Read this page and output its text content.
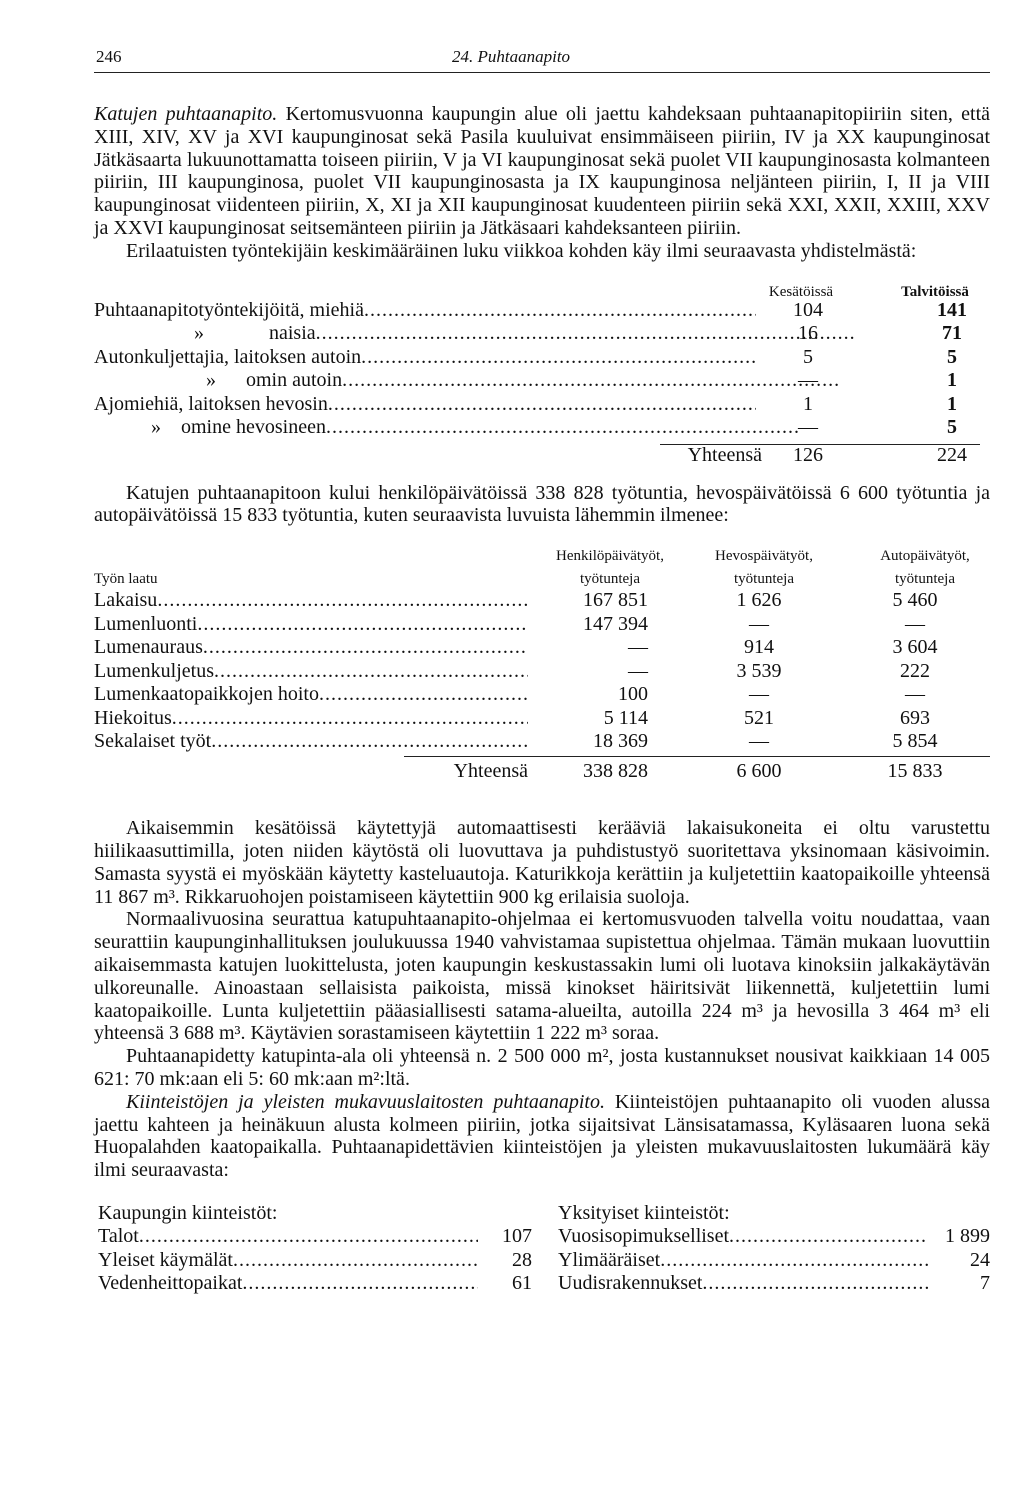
246	24. Puhtaanapito

Katujen puhtaanapito. Kertomusvuonna kaupungin alue oli jaettu kahdeksaan puhtaanapitopiiriin siten, että XIII, XIV, XV ja XVI kaupunginosat sekä Pasila kuuluivat ensimmäiseen piiriin, IV ja XX kaupunginosat Jätkäsaarta lukuunottamatta toiseen piiriin, V ja VI kaupunginosat sekä puolet VII kaupunginosasta kolmanteen piiriin, III kaupunginosa, puolet VII kaupunginosasta ja IX kaupunginosa neljänteen piiriin, I, II ja VIII kaupunginosat viidenteen piiriin, X, XI ja XII kaupunginosat kuudenteen piiriin sekä XXI, XXII, XXIII, XXV ja XXVI kaupunginosat seitsemänteen piiriin ja Jätkäsaari kahdeksanteen piiriin.

Erilaatuisten työntekijäin keskimääräinen luku viikkoa kohden käy ilmi seuraavasta yhdistelmästä:

Kesätöissä	Talvitöissä
Puhtaanapitotyöntekijöitä, miehiä .....	104	141
»             naisia .....	16	71
Autonkuljettajia, laitoksen autoin .....	5	5
»      omin autoin .....	—	1
Ajomiehiä, laitoksen hevosin .....	1	1
»    omine hevosineen .....	—	5
Yhteensä	126	224

Katujen puhtaanapitoon kului henkilöpäivätöissä 338 828 työtuntia, hevospäivätöissä 6 600 työtuntia ja autopäivätöissä 15 833 työtuntia, kuten seuraavista luvuista lähemmin ilmenee:

Työn laatu
Henkilöpäivätyöt,
työtunteja
Hevospäivätyöt,
työtunteja
Autopäivätyöt,
työtunteja
Lakaisu .....	167 851	1 626	5 460
Lumenluonti .....	147 394	—	—
Lumenauraus .....	—	914	3 604
Lumenkuljetus .....	—	3 539	222
Lumenkaatopaikkojen hoito .....	100	—	—
Hiekoitus .....	5 114	521	693
Sekalaiset työt .....	18 369	—	5 854
Yhteensä	338 828	6 600	15 833

Aikaisemmin kesätöissä käytettyjä automaattisesti kerääviä lakaisukoneita ei oltu varustettu hiilikaasuttimilla, joten niiden käytöstä oli luovuttava ja puhdistustyö suoritettava yksinomaan käsivoimin. Samasta syystä ei myöskään käytetty kasteluautoja. Katurikkoja kerättiin ja kuljetettiin kaatopaikoille yhteensä 11 867 m³. Rikkaruohojen poistamiseen käytettiin 900 kg erilaisia suoloja.

Normaalivuosina seurattua katupuhtaanapito-ohjelmaa ei kertomusvuoden talvella voitu noudattaa, vaan seurattiin kaupunginhallituksen joulukuussa 1940 vahvistamaa supistettua ohjelmaa. Tämän mukaan luovuttiin aikaisemmasta katujen luokittelusta, joten kaupungin keskustassakin lumi oli luotava kinoksiin jalkakäytävän ulkoreunalle. Ainoastaan sellaisista paikoista, missä kinokset häiritsivät liikennettä, kuljetettiin lumi kaatopaikoille. Lunta kuljetettiin pääasiallisesti satama-alueilta, autoilla 224 m³ ja hevosilla 3 464 m³ eli yhteensä 3 688 m³. Käytävien sorastamiseen käytettiin 1 222 m³ soraa.

Puhtaanapidetty katupinta-ala oli yhteensä n. 2 500 000 m², josta kustannukset nousivat kaikkiaan 14 005 621: 70 mk:aan eli 5: 60 mk:aan m²:ltä.

Kiinteistöjen ja yleisten mukavuuslaitosten puhtaanapito. Kiinteistöjen puhtaanapito oli vuoden alussa jaettu kahteen ja heinäkuun alusta kolmeen piiriin, jotka sijaitsivat Länsisatamassa, Kyläsaaren luona sekä Huopalahden kaatopaikalla. Puhtaanapidettävien kiinteistöjen ja yleisten mukavuuslaitosten lukumäärä käy ilmi seuraavasta:

Kaupungin kiinteistöt:
Talot .....	107
Yleiset käymälät .....	28
Vedenheittopaikat .....	61
Yksityiset kiinteistöt:
Vuosisopimukselliset .....	1 899
Ylimääräiset .....	24
Uudisrakennukset .....	7
